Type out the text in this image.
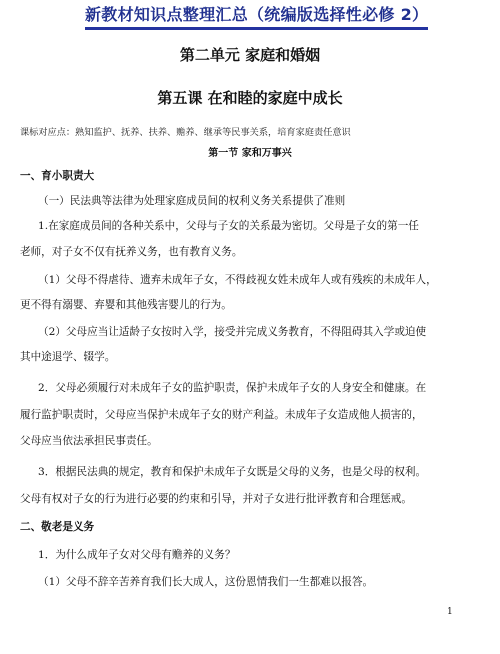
新教材知识点整理汇总（统编版选择性必修 2）
第二单元 家庭和婚姻
第五课 在和睦的家庭中成长
课标对应点：熟知监护、抚养、扶养、赡养、继承等民事关系，培育家庭责任意识
第一节 家和万事兴
一、育小职责大
（一）民法典等法律为处理家庭成员间的权利义务关系提供了准则
1.在家庭成员间的各种关系中，父母与子女的关系最为密切。父母是子女的第一任
老师，对子女不仅有抚养义务，也有教育义务。
（1）父母不得虐待、遗弃未成年子女，不得歧视女姓未成年人或有残疾的未成年人，
更不得有溺婴、弃婴和其他残害婴儿的行为。
（2）父母应当让适龄子女按时入学，接受并完成义务教育，不得阻碍其入学或迫使
其中途退学、辍学。
2．父母必须履行对未成年子女的监护职责，保护未成年子女的人身安全和健康。在
履行监护职责时，父母应当保护未成年子女的财产利益。未成年子女造成他人损害的，
父母应当依法承担民事责任。
3．根据民法典的规定，教育和保护未成年子女既是父母的义务，也是父母的权利。
父母有权对子女的行为进行必要的约束和引导，并对子女进行批评教育和合理惩戒。
二、敬老是义务
1．为什么成年子女对父母有赡养的义务？
（1）父母不辞辛苦养育我们长大成人，这份恩情我们一生都难以报答。
1
